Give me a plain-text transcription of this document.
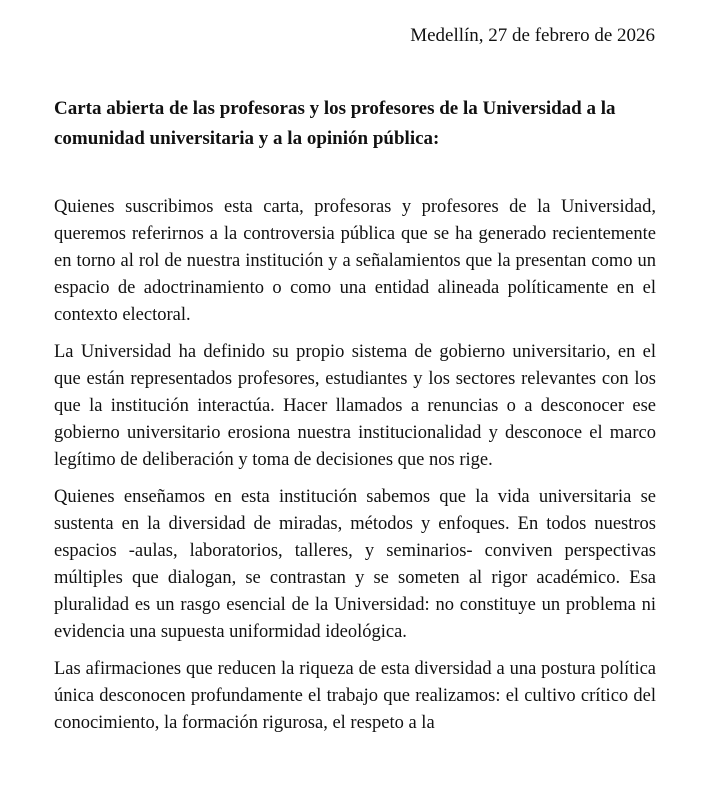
Medellín, 27 de febrero de 2026
Carta abierta de las profesoras y los profesores de la Universidad a la comunidad universitaria y a la opinión pública:

Quienes suscribimos esta carta, profesoras y profesores de la Universidad, queremos referirnos a la controversia pública que se ha generado recientemente en torno al rol de nuestra institución y a señalamientos que la presentan como un espacio de adoctrinamiento o como una entidad alineada políticamente en el contexto electoral.

La Universidad ha definido su propio sistema de gobierno universitario, en el que están representados profesores, estudiantes y los sectores relevantes con los que la institución interactúa. Hacer llamados a renuncias o a desconocer ese gobierno universitario erosiona nuestra institucionalidad y desconoce el marco legítimo de deliberación y toma de decisiones que nos rige.

Quienes enseñamos en esta institución sabemos que la vida universitaria se sustenta en la diversidad de miradas, métodos y enfoques. En todos nuestros espacios -aulas, laboratorios, talleres, y seminarios- conviven perspectivas múltiples que dialogan, se contrastan y se someten al rigor académico. Esa pluralidad es un rasgo esencial de la Universidad: no constituye un problema ni evidencia una supuesta uniformidad ideológica.

Las afirmaciones que reducen la riqueza de esta diversidad a una postura política única desconocen profundamente el trabajo que realizamos: el cultivo crítico del conocimiento, la formación rigurosa, el respeto a la
